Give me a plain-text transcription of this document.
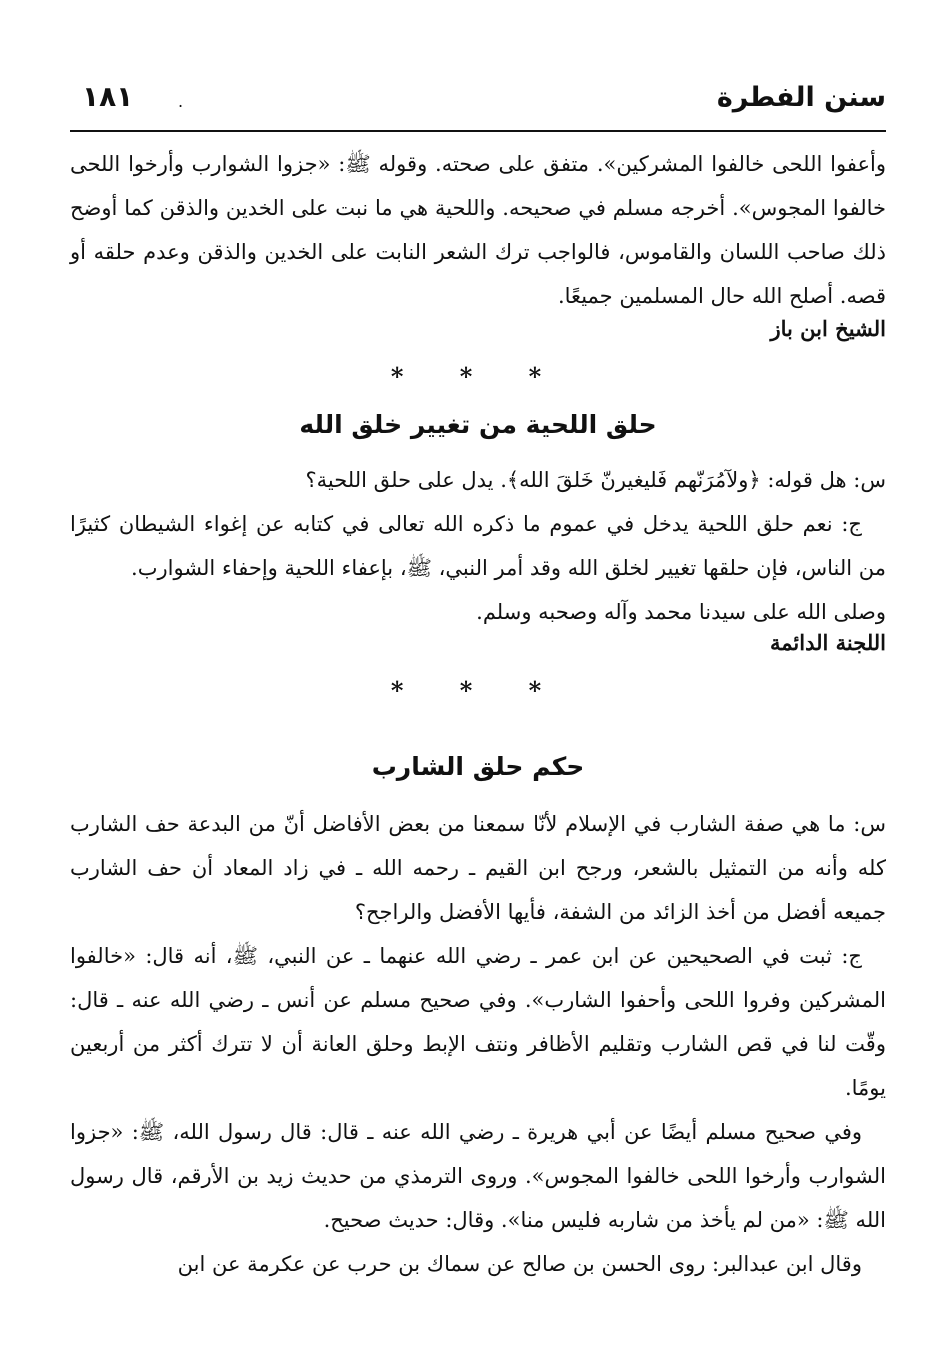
سنن الفطرة
.
١٨١

وأعفوا اللحى خالفوا المشركين». متفق على صحته. وقوله ﷺ: «جزوا الشوارب وأرخوا اللحى خالفوا المجوس». أخرجه مسلم في صحيحه. واللحية هي ما نبت على الخدين والذقن كما أوضح ذلك صاحب اللسان والقاموس، فالواجب ترك الشعر النابت على الخدين والذقن وعدم حلقه أو قصه. أصلح الله حال المسلمين جميعًا.

الشيخ ابن باز
* * *
حلق اللحية من تغيير خلق الله

س: هل قوله: ﴿ولآمُرَنّهم فَليغيرنّ خَلقَ الله﴾. يدل على حلق اللحية؟

ج: نعم حلق اللحية يدخل في عموم ما ذكره الله تعالى في كتابه عن إغواء الشيطان كثيرًا من الناس، فإن حلقها تغيير لخلق الله وقد أمر النبي، ﷺ، بإعفاء اللحية وإحفاء الشوارب.

وصلى الله على سيدنا محمد وآله وصحبه وسلم.

اللجنة الدائمة
* * *
حكم حلق الشارب

س: ما هي صفة الشارب في الإسلام لأنّا سمعنا من بعض الأفاضل أنّ من البدعة حف الشارب كله وأنه من التمثيل بالشعر، ورجح ابن القيم ـ رحمه الله ـ في زاد المعاد أن حف الشارب جميعه أفضل من أخذ الزائد من الشفة، فأيها الأفضل والراجح؟

ج: ثبت في الصحيحين عن ابن عمر ـ رضي الله عنهما ـ عن النبي، ﷺ، أنه قال: «خالفوا المشركين وفروا اللحى وأحفوا الشارب». وفي صحيح مسلم عن أنس ـ رضي الله عنه ـ قال: وقّت لنا في قص الشارب وتقليم الأظافر ونتف الإبط وحلق العانة أن لا تترك أكثر من أربعين يومًا.

وفي صحيح مسلم أيضًا عن أبي هريرة ـ رضي الله عنه ـ قال: قال رسول الله، ﷺ: «جزوا الشوارب وأرخوا اللحى خالفوا المجوس». وروى الترمذي من حديث زيد بن الأرقم، قال رسول الله ﷺ: «من لم يأخذ من شاربه فليس منا». وقال: حديث صحيح.

وقال ابن عبدالبر: روى الحسن بن صالح عن سماك بن حرب عن عكرمة عن ابن
